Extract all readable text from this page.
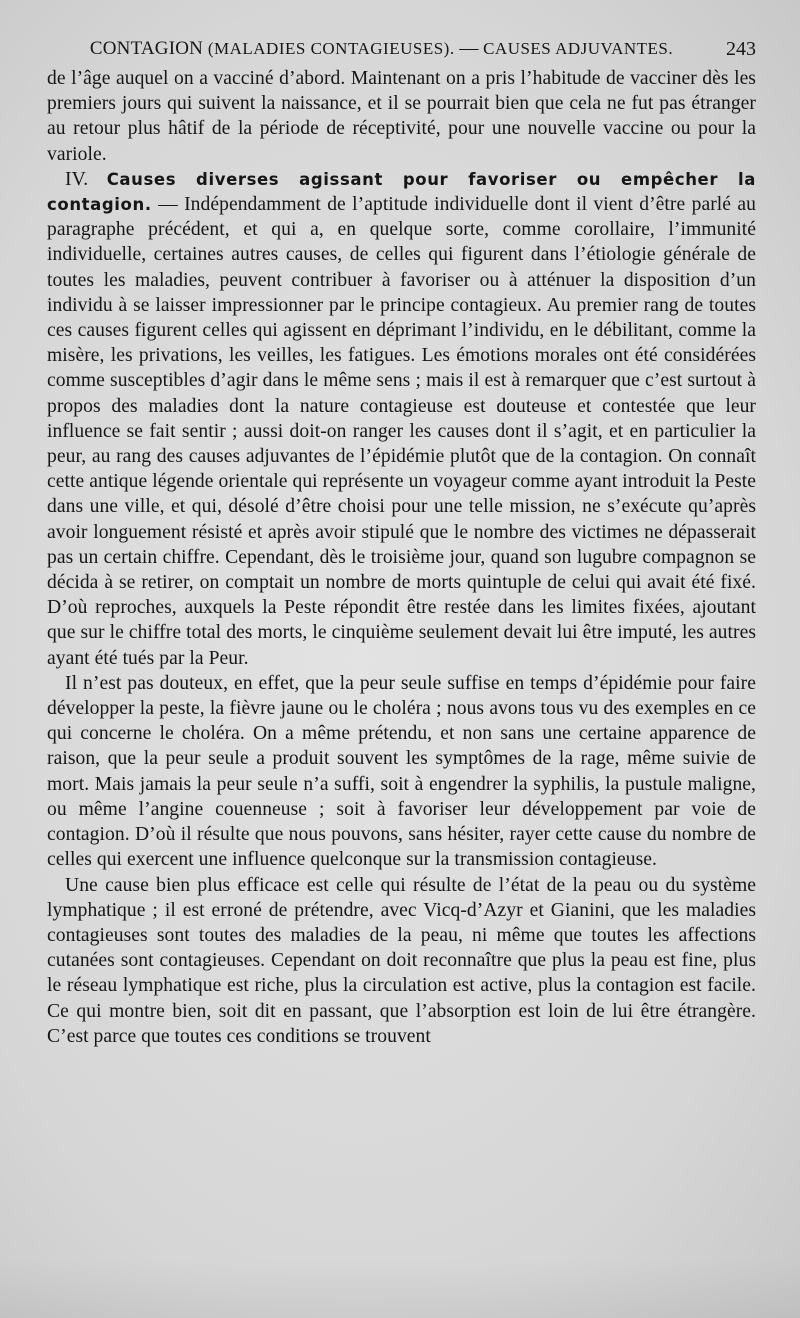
CONTAGION (MALADIES CONTAGIEUSES). — CAUSES ADJUVANTES.	243

de l’âge auquel on a vacciné d’abord. Maintenant on a pris l’habitude de vacciner dès les premiers jours qui suivent la naissance, et il se pourrait bien que cela ne fut pas étranger au retour plus hâtif de la période de réceptivité, pour une nouvelle vaccine ou pour la variole.

IV. Causes diverses agissant pour favoriser ou empêcher la contagion. — Indépendamment de l’aptitude individuelle dont il vient d’être parlé au paragraphe précédent, et qui a, en quelque sorte, comme corollaire, l’immunité individuelle, certaines autres causes, de celles qui figurent dans l’étiologie générale de toutes les maladies, peuvent contribuer à favoriser ou à atténuer la disposition d’un individu à se laisser impressionner par le principe contagieux. Au premier rang de toutes ces causes figurent celles qui agissent en déprimant l’individu, en le débilitant, comme la misère, les privations, les veilles, les fatigues. Les émotions morales ont été considérées comme susceptibles d’agir dans le même sens ; mais il est à remarquer que c’est surtout à propos des maladies dont la nature contagieuse est douteuse et contestée que leur influence se fait sentir ; aussi doit-on ranger les causes dont il s’agit, et en particulier la peur, au rang des causes adjuvantes de l’épidémie plutôt que de la contagion. On connaît cette antique légende orientale qui représente un voyageur comme ayant introduit la Peste dans une ville, et qui, désolé d’être choisi pour une telle mission, ne s’exécute qu’après avoir longuement résisté et après avoir stipulé que le nombre des victimes ne dépasserait pas un certain chiffre. Cependant, dès le troisième jour, quand son lugubre compagnon se décida à se retirer, on comptait un nombre de morts quintuple de celui qui avait été fixé. D’où reproches, auxquels la Peste répondit être restée dans les limites fixées, ajoutant que sur le chiffre total des morts, le cinquième seulement devait lui être imputé, les autres ayant été tués par la Peur.

Il n’est pas douteux, en effet, que la peur seule suffise en temps d’épidémie pour faire développer la peste, la fièvre jaune ou le choléra ; nous avons tous vu des exemples en ce qui concerne le choléra. On a même prétendu, et non sans une certaine apparence de raison, que la peur seule a produit souvent les symptômes de la rage, même suivie de mort. Mais jamais la peur seule n’a suffi, soit à engendrer la syphilis, la pustule maligne, ou même l’angine couenneuse ; soit à favoriser leur développement par voie de contagion. D’où il résulte que nous pouvons, sans hésiter, rayer cette cause du nombre de celles qui exercent une influence quelconque sur la transmission contagieuse.

Une cause bien plus efficace est celle qui résulte de l’état de la peau ou du système lymphatique ; il est erroné de prétendre, avec Vicq-d’Azyr et Gianini, que les maladies contagieuses sont toutes des maladies de la peau, ni même que toutes les affections cutanées sont contagieuses. Cependant on doit reconnaître que plus la peau est fine, plus le réseau lymphatique est riche, plus la circulation est active, plus la contagion est facile. Ce qui montre bien, soit dit en passant, que l’absorption est loin de lui être étrangère. C’est parce que toutes ces conditions se trouvent
